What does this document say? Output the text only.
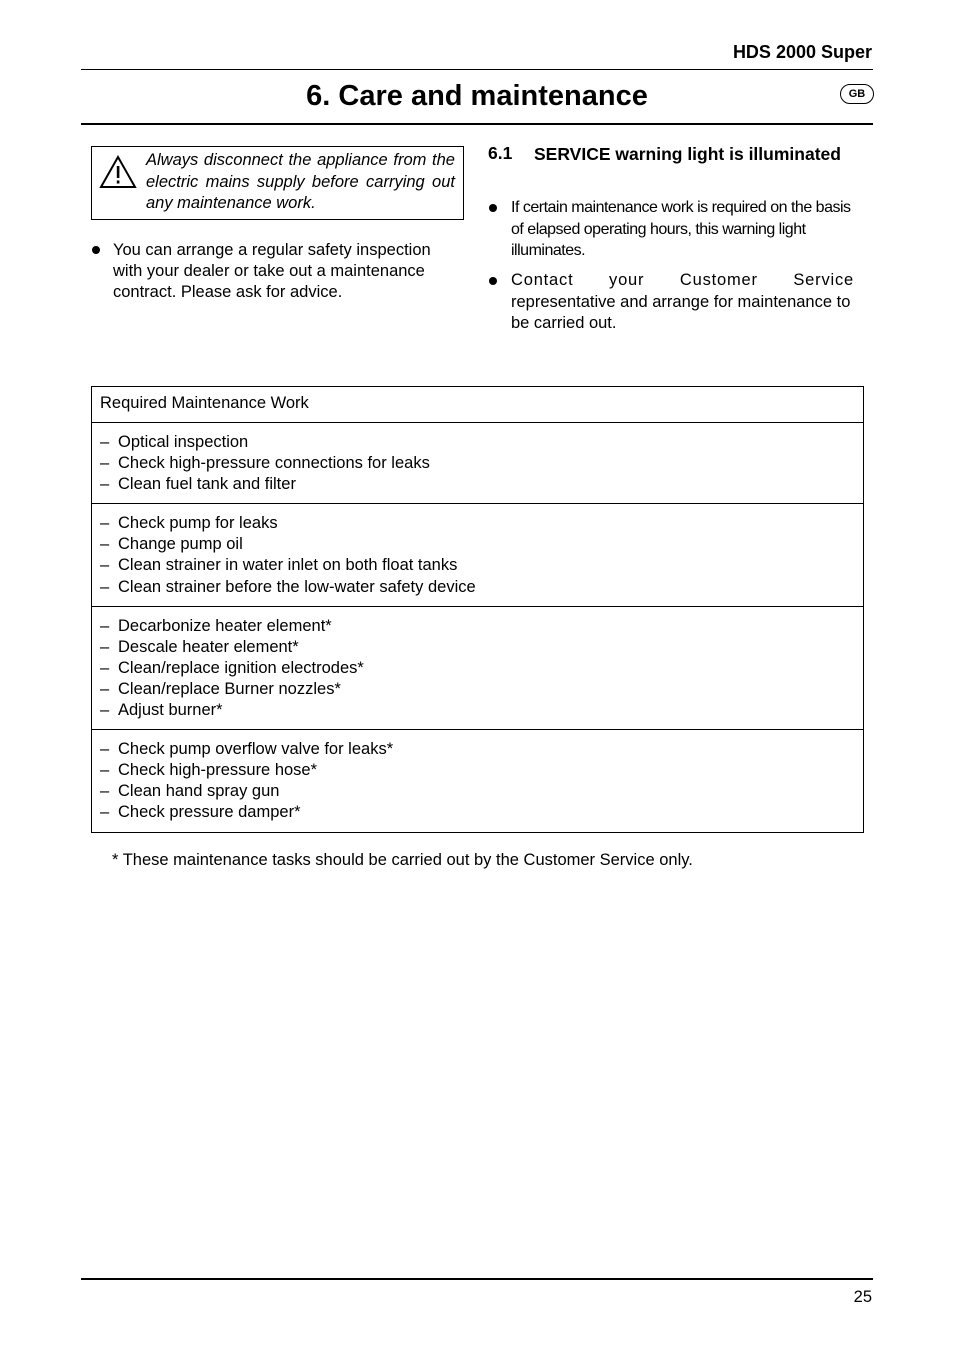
HDS 2000 Super
6. Care and maintenance	GB
Always disconnect the appliance from the electric mains supply before carrying out any maintenance work.
You can arrange a regular safety inspection with your dealer or take out a maintenance contract. Please ask for advice.
6.1 SERVICE warning light is illuminated
If certain maintenance work is required on the basis of elapsed operating hours, this warning light illuminates.
Contact your Customer Service
representative and arrange for maintenance to be carried out.
Required Maintenance Work
– Optical inspection
– Check high-pressure connections for leaks
– Clean fuel tank and filter
– Check pump for leaks
– Change pump oil
– Clean strainer in water inlet on both float tanks
– Clean strainer before the low-water safety device
– Decarbonize heater element*
– Descale heater element*
– Clean/replace ignition electrodes*
– Clean/replace Burner nozzles*
– Adjust burner*
– Check pump overflow valve for leaks*
– Check high-pressure hose*
– Clean hand spray gun
– Check pressure damper*
* These maintenance tasks should be carried out by the Customer Service only.
25
